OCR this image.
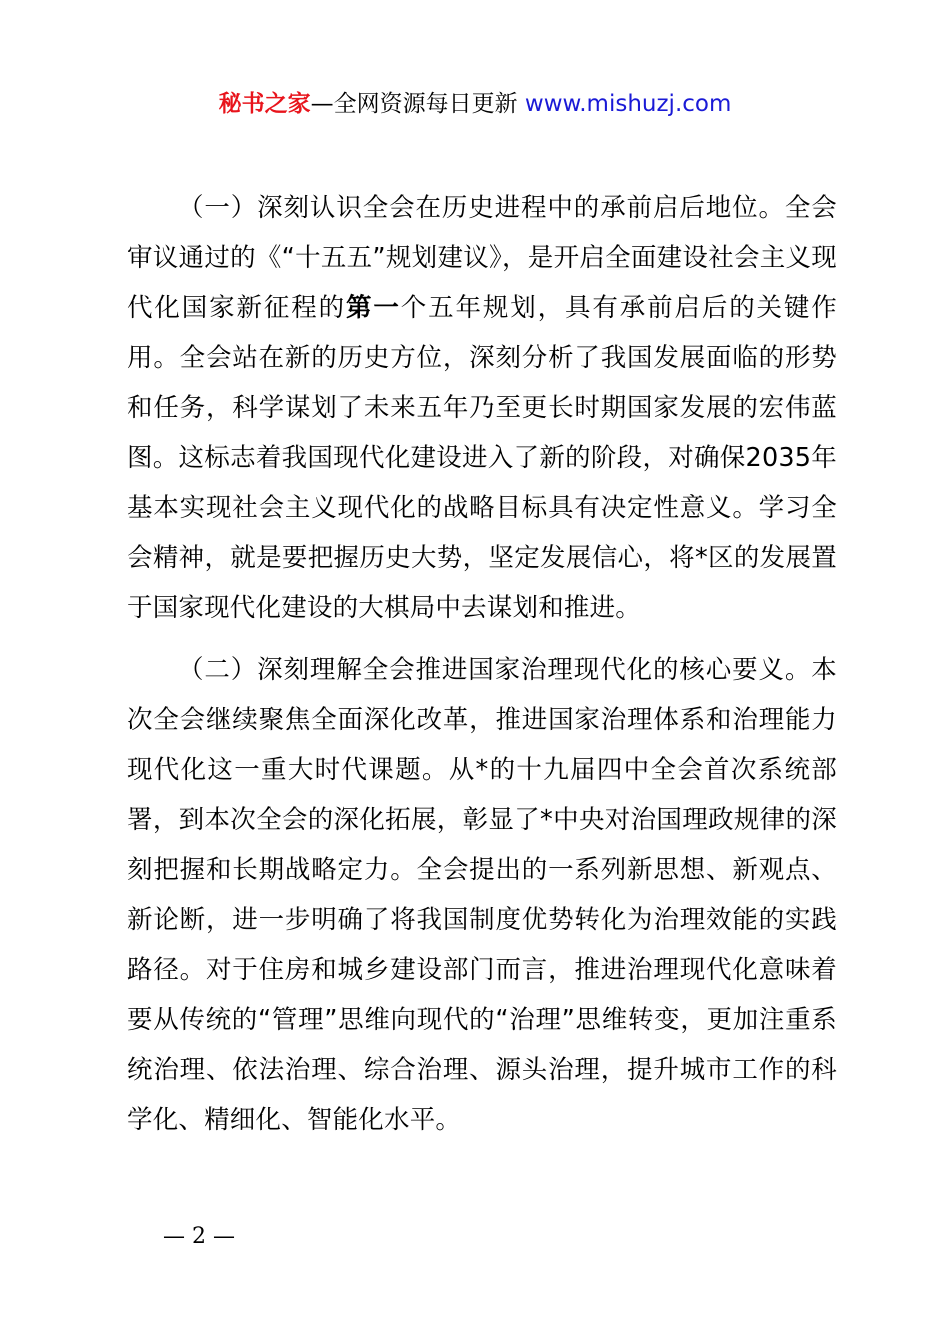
秘书之家—全网资源每日更新 www.mishuzj.com

（一）深刻认识全会在历史进程中的承前启后地位。全会审议通过的《“十五五”规划建议》，是开启全面建设社会主义现代化国家新征程的第一个五年规划，具有承前启后的关键作用。全会站在新的历史方位，深刻分析了我国发展面临的形势和任务，科学谋划了未来五年乃至更长时期国家发展的宏伟蓝图。这标志着我国现代化建设进入了新的阶段，对确保2035年基本实现社会主义现代化的战略目标具有决定性意义。学习全会精神，就是要把握历史大势，坚定发展信心，将*区的发展置于国家现代化建设的大棋局中去谋划和推进。

（二）深刻理解全会推进国家治理现代化的核心要义。本次全会继续聚焦全面深化改革，推进国家治理体系和治理能力现代化这一重大时代课题。从*的十九届四中全会首次系统部署，到本次全会的深化拓展，彰显了*中央对治国理政规律的深刻把握和长期战略定力。全会提出的一系列新思想、新观点、新论断，进一步明确了将我国制度优势转化为治理效能的实践路径。对于住房和城乡建设部门而言，推进治理现代化意味着要从传统的“管理”思维向现代的“治理”思维转变，更加注重系统治理、依法治理、综合治理、源头治理，提升城市工作的科学化、精细化、智能化水平。

— 2 —
